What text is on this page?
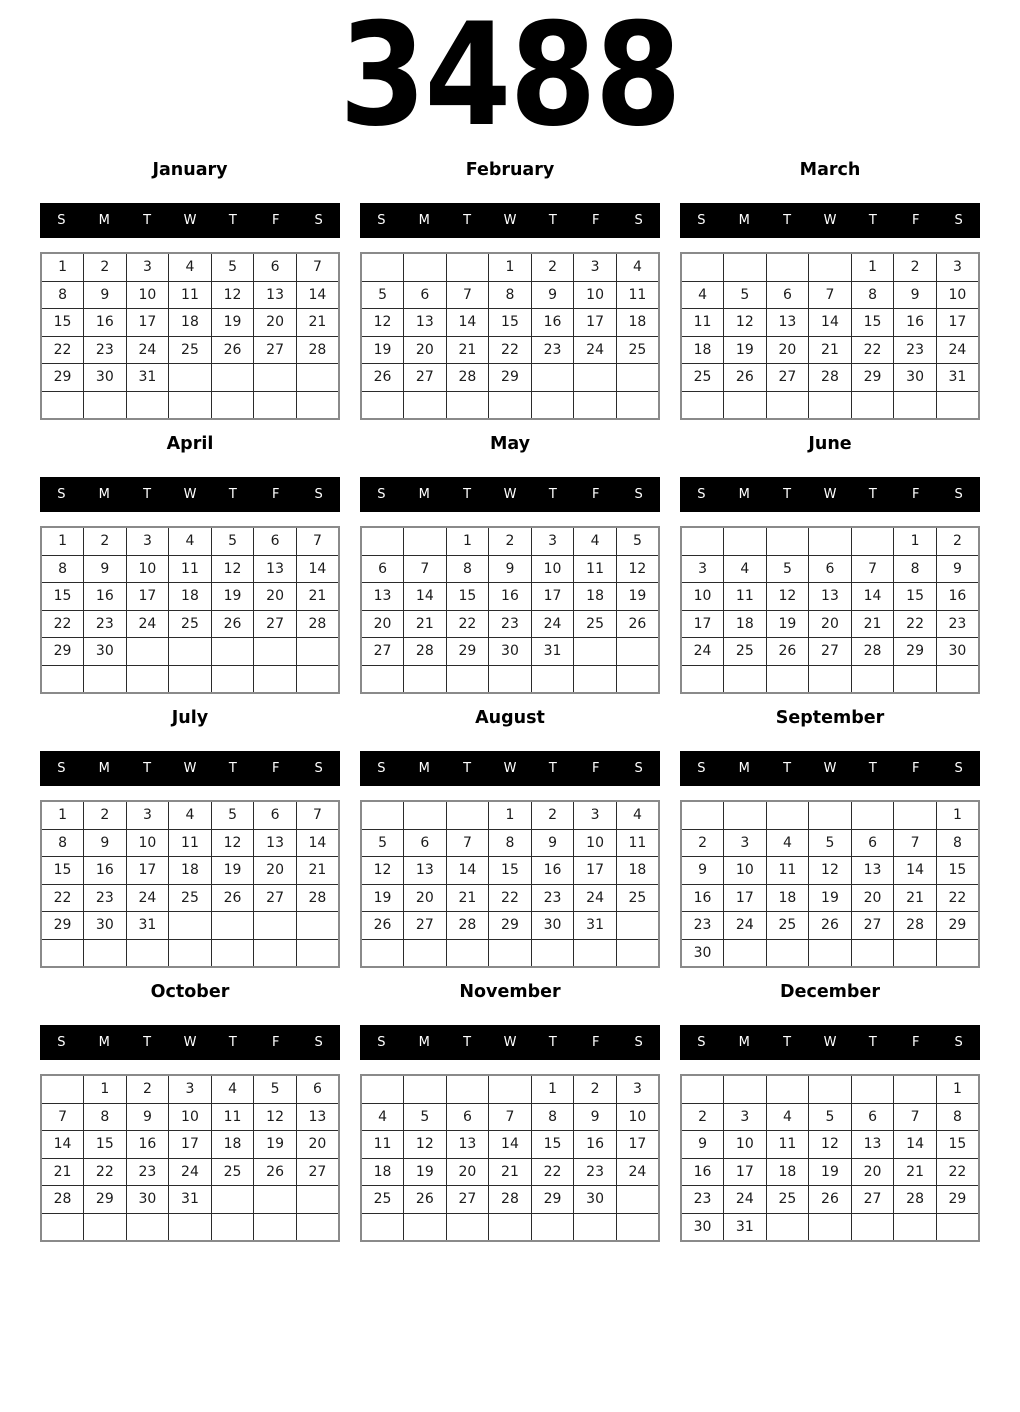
3488
January
S	M	T	W	T	F	S
1	2	3	4	5	6	7
8	9	10	11	12	13	14
15	16	17	18	19	20	21
22	23	24	25	26	27	28
29	30	31				

February
S	M	T	W	T	F	S
			1	2	3	4
5	6	7	8	9	10	11
12	13	14	15	16	17	18
19	20	21	22	23	24	25
26	27	28	29			

March
S	M	T	W	T	F	S
				1	2	3
4	5	6	7	8	9	10
11	12	13	14	15	16	17
18	19	20	21	22	23	24
25	26	27	28	29	30	31

April
S	M	T	W	T	F	S
1	2	3	4	5	6	7
8	9	10	11	12	13	14
15	16	17	18	19	20	21
22	23	24	25	26	27	28
29	30					

May
S	M	T	W	T	F	S
		1	2	3	4	5
6	7	8	9	10	11	12
13	14	15	16	17	18	19
20	21	22	23	24	25	26
27	28	29	30	31		

June
S	M	T	W	T	F	S
					1	2
3	4	5	6	7	8	9
10	11	12	13	14	15	16
17	18	19	20	21	22	23
24	25	26	27	28	29	30

July
S	M	T	W	T	F	S
1	2	3	4	5	6	7
8	9	10	11	12	13	14
15	16	17	18	19	20	21
22	23	24	25	26	27	28
29	30	31				

August
S	M	T	W	T	F	S
			1	2	3	4
5	6	7	8	9	10	11
12	13	14	15	16	17	18
19	20	21	22	23	24	25
26	27	28	29	30	31	

September
S	M	T	W	T	F	S
						1
2	3	4	5	6	7	8
9	10	11	12	13	14	15
16	17	18	19	20	21	22
23	24	25	26	27	28	29
30						
October
S	M	T	W	T	F	S
	1	2	3	4	5	6
7	8	9	10	11	12	13
14	15	16	17	18	19	20
21	22	23	24	25	26	27
28	29	30	31			

November
S	M	T	W	T	F	S
				1	2	3
4	5	6	7	8	9	10
11	12	13	14	15	16	17
18	19	20	21	22	23	24
25	26	27	28	29	30	

December
S	M	T	W	T	F	S
						1
2	3	4	5	6	7	8
9	10	11	12	13	14	15
16	17	18	19	20	21	22
23	24	25	26	27	28	29
30	31					
